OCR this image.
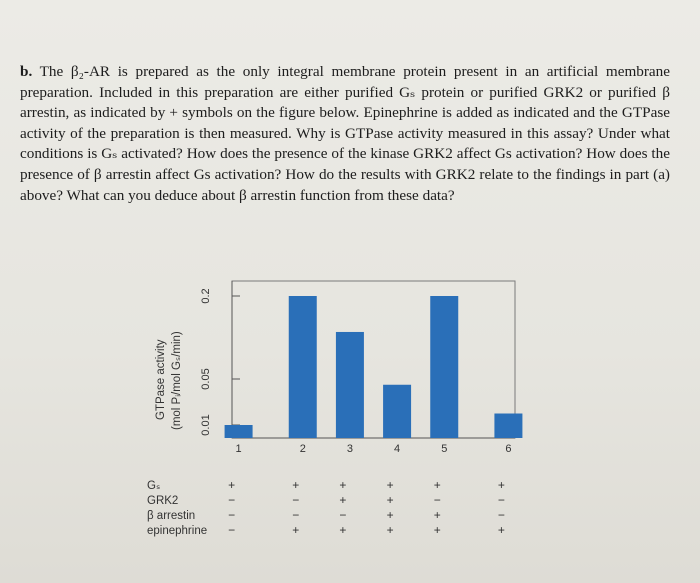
b. The β₂-AR is prepared as the only integral membrane protein present in an artificial membrane preparation. Included in this preparation are either purified Gₛ protein or purified GRK2 or purified β arrestin, as indicated by + symbols on the figure below. Epinephrine is added as indicated and the GTPase activity of the preparation is then measured. Why is GTPase activity measured in this assay? Under what conditions is Gₛ activated? How does the presence of the kinase GRK2 affect Gs activation? How does the presence of β arrestin affect Gs activation? How do the results with GRK2 relate to the findings in part (a) above? What can you deduce about β arrestin function from these data?

GTPase activity (mol Pᵢ/mol Gₛ/min)
0.2
0.05
0.01
1	2	3	4	5	6
Gₛ	+	+	+	+	+	+
GRK2	−	−	+	+	−	−
β arrestin	−	−	−	+	+	−
epinephrine −	+	+	+	+	+
